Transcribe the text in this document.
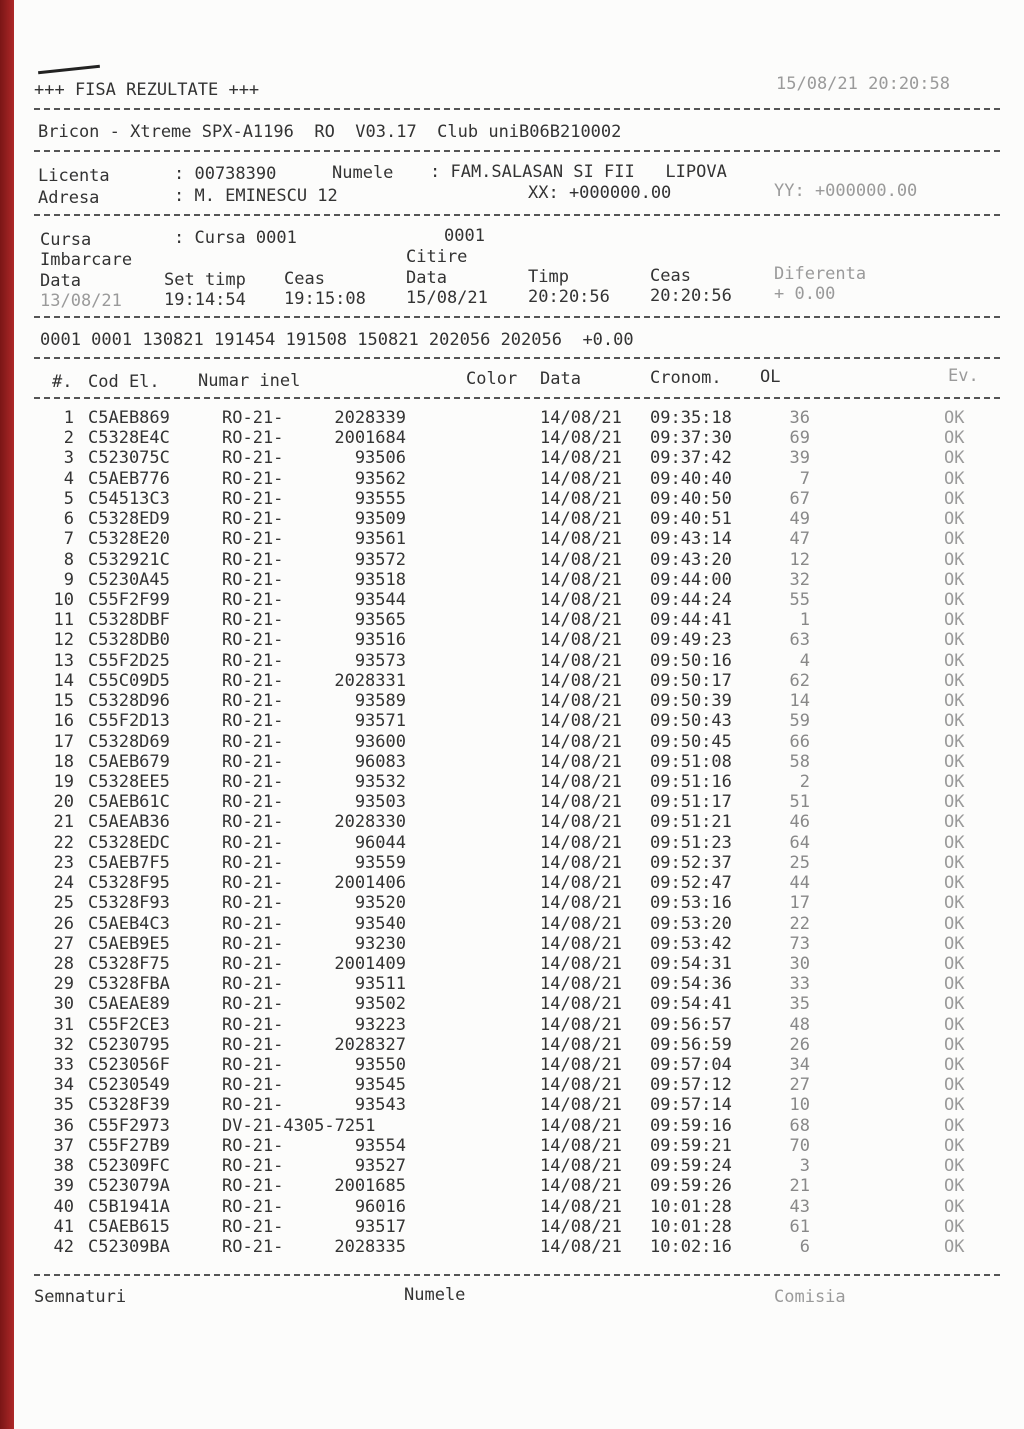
+++ FISA REZULTATE +++	15/08/21 20:20:58
Bricon - Xtreme SPX-A1196  RO  V03.17  Club uniB06B210002
Licenta	: 00738390	Numele : FAM.SALASAN SI FII   LIPOVA
Adresa	: M. EMINESCU 12	XX: +000000.00	YY: +000000.00
Cursa	: Cursa 0001	0001
Imbarcare	Citire
Data	Set timp Ceas	Data	Timp	Ceas	Diferenta
13/08/21 19:14:54 19:15:08 15/08/21 20:20:56 20:20:56 + 0.00
0001 0001 130821 191454 191508 150821 202056 202056  +0.00
#. Cod El. Numar inel	Color Data	Cronom. OL	Ev.
1 C5AEB869	RO-21-	2028339	14/08/21	09:35:18	36	OK
2 C5328E4C	RO-21-	2001684	14/08/21	09:37:30	69	OK
3 C523075C	RO-21-	93506	14/08/21	09:37:42	39	OK
4 C5AEB776	RO-21-	93562	14/08/21	09:40:40	7	OK
5 C54513C3	RO-21-	93555	14/08/21	09:40:50	67	OK
6 C5328ED9	RO-21-	93509	14/08/21	09:40:51	49	OK
7 C5328E20	RO-21-	93561	14/08/21	09:43:14	47	OK
8 C532921C	RO-21-	93572	14/08/21	09:43:20	12	OK
9 C5230A45	RO-21-	93518	14/08/21	09:44:00	32	OK
10 C55F2F99	RO-21-	93544	14/08/21	09:44:24	55	OK
11 C5328DBF	RO-21-	93565	14/08/21	09:44:41	1	OK
12 C5328DB0	RO-21-	93516	14/08/21	09:49:23	63	OK
13 C55F2D25	RO-21-	93573	14/08/21	09:50:16	4	OK
14 C55C09D5	RO-21-	2028331	14/08/21	09:50:17	62	OK
15 C5328D96	RO-21-	93589	14/08/21	09:50:39	14	OK
16 C55F2D13	RO-21-	93571	14/08/21	09:50:43	59	OK
17 C5328D69	RO-21-	93600	14/08/21	09:50:45	66	OK
18 C5AEB679	RO-21-	96083	14/08/21	09:51:08	58	OK
19 C5328EE5	RO-21-	93532	14/08/21	09:51:16	2	OK
20 C5AEB61C	RO-21-	93503	14/08/21	09:51:17	51	OK
21 C5AEAB36	RO-21-	2028330	14/08/21	09:51:21	46	OK
22 C5328EDC	RO-21-	96044	14/08/21	09:51:23	64	OK
23 C5AEB7F5	RO-21-	93559	14/08/21	09:52:37	25	OK
24 C5328F95	RO-21-	2001406	14/08/21	09:52:47	44	OK
25 C5328F93	RO-21-	93520	14/08/21	09:53:16	17	OK
26 C5AEB4C3	RO-21-	93540	14/08/21	09:53:20	22	OK
27 C5AEB9E5	RO-21-	93230	14/08/21	09:53:42	73	OK
28 C5328F75	RO-21-	2001409	14/08/21	09:54:31	30	OK
29 C5328FBA	RO-21-	93511	14/08/21	09:54:36	33	OK
30 C5AEAE89	RO-21-	93502	14/08/21	09:54:41	35	OK
31 C55F2CE3	RO-21-	93223	14/08/21	09:56:57	48	OK
32 C5230795	RO-21-	2028327	14/08/21	09:56:59	26	OK
33 C523056F	RO-21-	93550	14/08/21	09:57:04	34	OK
34 C5230549	RO-21-	93545	14/08/21	09:57:12	27	OK
35 C5328F39	RO-21-	93543	14/08/21	09:57:14	10	OK
36 C55F2973	DV-21-4305-7251	14/08/21	09:59:16	68	OK
37 C55F27B9	RO-21-	93554	14/08/21	09:59:21	70	OK
38 C52309FC	RO-21-	93527	14/08/21	09:59:24	3	OK
39 C523079A	RO-21-	2001685	14/08/21	09:59:26	21	OK
40 C5B1941A	RO-21-	96016	14/08/21	10:01:28	43	OK
41 C5AEB615	RO-21-	93517	14/08/21	10:01:28	61	OK
42 C52309BA	RO-21-	2028335	14/08/21	10:02:16	6	OK
Semnaturi	Numele	Comisia
